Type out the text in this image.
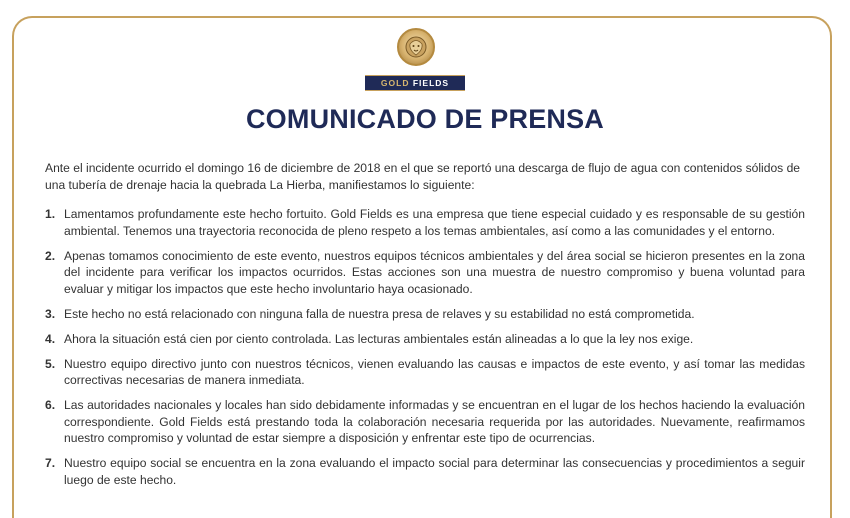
GOLD FIELDS
COMUNICADO DE PRENSA

Ante el incidente ocurrido el domingo 16 de diciembre de 2018 en el que se reportó una descarga de flujo de agua con contenidos sólidos de una tubería de drenaje hacia la quebrada La Hierba, manifiestamos lo siguiente:

1. Lamentamos profundamente este hecho fortuito. Gold Fields es una empresa que tiene especial cuidado y es responsable de su gestión ambiental. Tenemos una trayectoria reconocida de pleno respeto a los temas ambientales, así como a las comunidades y el entorno.
2. Apenas tomamos conocimiento de este evento, nuestros equipos técnicos ambientales y del área social se hicieron presentes en la zona del incidente para verificar los impactos ocurridos. Estas acciones son una muestra de nuestro compromiso y buena voluntad para evaluar y mitigar los impactos que este hecho involuntario haya ocasionado.
3. Este hecho no está relacionado con ninguna falla de nuestra presa de relaves y su estabilidad no está comprometida.
4. Ahora la situación está cien por ciento controlada. Las lecturas ambientales están alineadas a lo que la ley nos exige.
5. Nuestro equipo directivo junto con nuestros técnicos, vienen evaluando las causas e impactos de este evento, y así tomar las medidas correctivas necesarias de manera inmediata.
6. Las autoridades nacionales y locales han sido debidamente informadas y se encuentran en el lugar de los hechos haciendo la evaluación correspondiente. Gold Fields está prestando toda la colaboración necesaria requerida por las autoridades. Nuevamente, reafirmamos nuestro compromiso y voluntad de estar siempre a disposición y enfrentar este tipo de ocurrencias.
7. Nuestro equipo social se encuentra en la zona evaluando el impacto social para determinar las consecuencias y procedimientos a seguir luego de este hecho.
